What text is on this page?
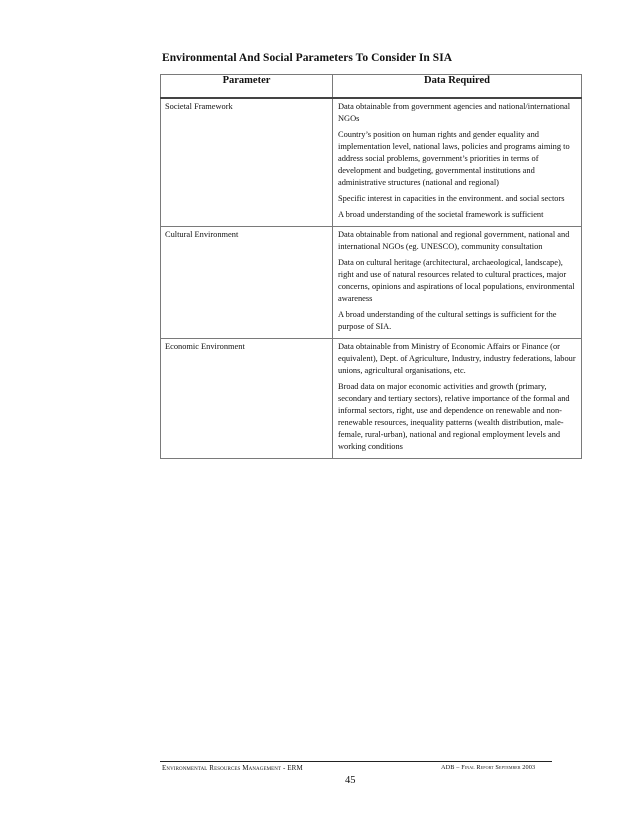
Environmental And Social Parameters To Consider In SIA
Parameter	Data Required
Societal Framework	Data obtainable from government agencies and national/international NGOs

Country’s position on human rights and gender equality and implementation level, national laws, policies and programs aiming to address social problems, government’s priorities in terms of development and budgeting, governmental institutions and administrative structures (national and regional)

Specific interest in capacities in the environment. and social sectors

A broad understanding of the societal framework is sufficient

Cultural Environment	Data obtainable from national and regional government, national and international NGOs (eg. UNESCO), community consultation

Data on cultural heritage (architectural, archaeological, landscape), right and use of natural resources related to cultural practices, major concerns, opinions and aspirations of local populations, environmental awareness

A broad understanding of the cultural settings is sufficient for the purpose of SIA.

Economic Environment	Data obtainable from Ministry of Economic Affairs or Finance (or equivalent), Dept. of Agriculture, Industry, industry federations, labour unions, agricultural organisations, etc.

Broad data on major economic activities and growth (primary, secondary and tertiary sectors), relative importance of the formal and informal sectors, right, use and dependence on renewable and non-renewable resources, inequality patterns (wealth distribution, male-female, rural-urban), national and regional employment levels and working conditions

Environmental Resources Management - ERM	ADB – Final Report September 2003
45
